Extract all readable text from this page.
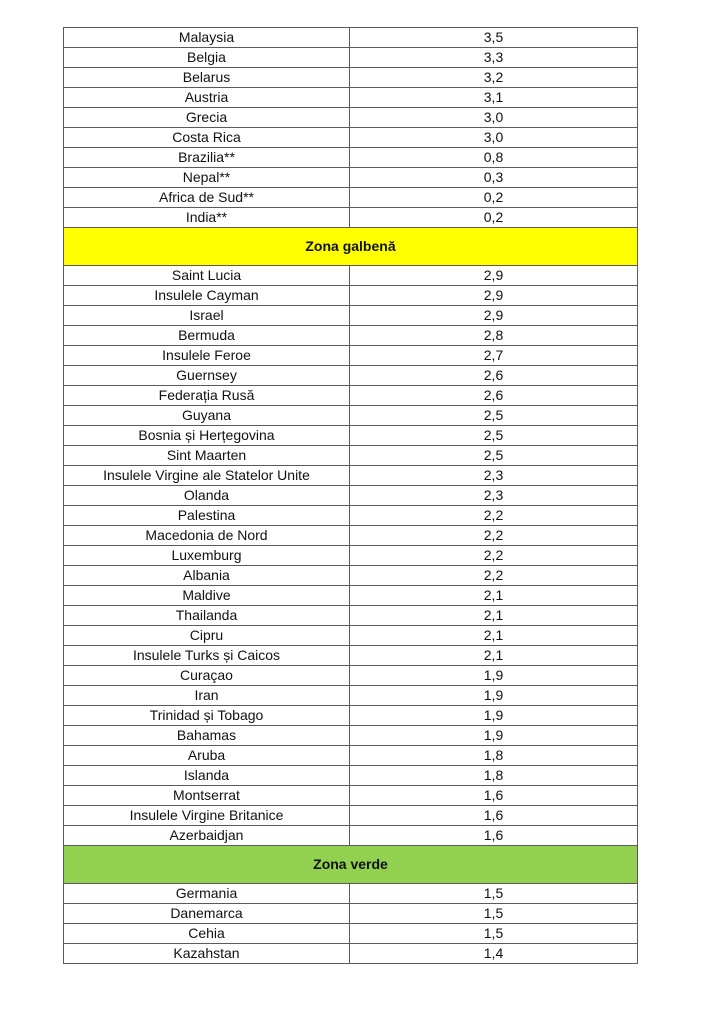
Malaysia	3,5
Belgia	3,3
Belarus	3,2
Austria	3,1
Grecia	3,0
Costa Rica	3,0
Brazilia**	0,8
Nepal**	0,3
Africa de Sud**	0,2
India**	0,2
Zona galbenă	
Saint Lucia	2,9
Insulele Cayman	2,9
Israel	2,9
Bermuda	2,8
Insulele Feroe	2,7
Guernsey	2,6
Federația Rusă	2,6
Guyana	2,5
Bosnia și Herțegovina	2,5
Sint Maarten	2,5
Insulele Virgine ale Statelor Unite	2,3
Olanda	2,3
Palestina	2,2
Macedonia de Nord	2,2
Luxemburg	2,2
Albania	2,2
Maldive	2,1
Thailanda	2,1
Cipru	2,1
Insulele Turks și Caicos	2,1
Curaçao	1,9
Iran	1,9
Trinidad și Tobago	1,9
Bahamas	1,9
Aruba	1,8
Islanda	1,8
Montserrat	1,6
Insulele Virgine Britanice	1,6
Azerbaidjan	1,6
Zona verde	
Germania	1,5
Danemarca	1,5
Cehia	1,5
Kazahstan	1,4
